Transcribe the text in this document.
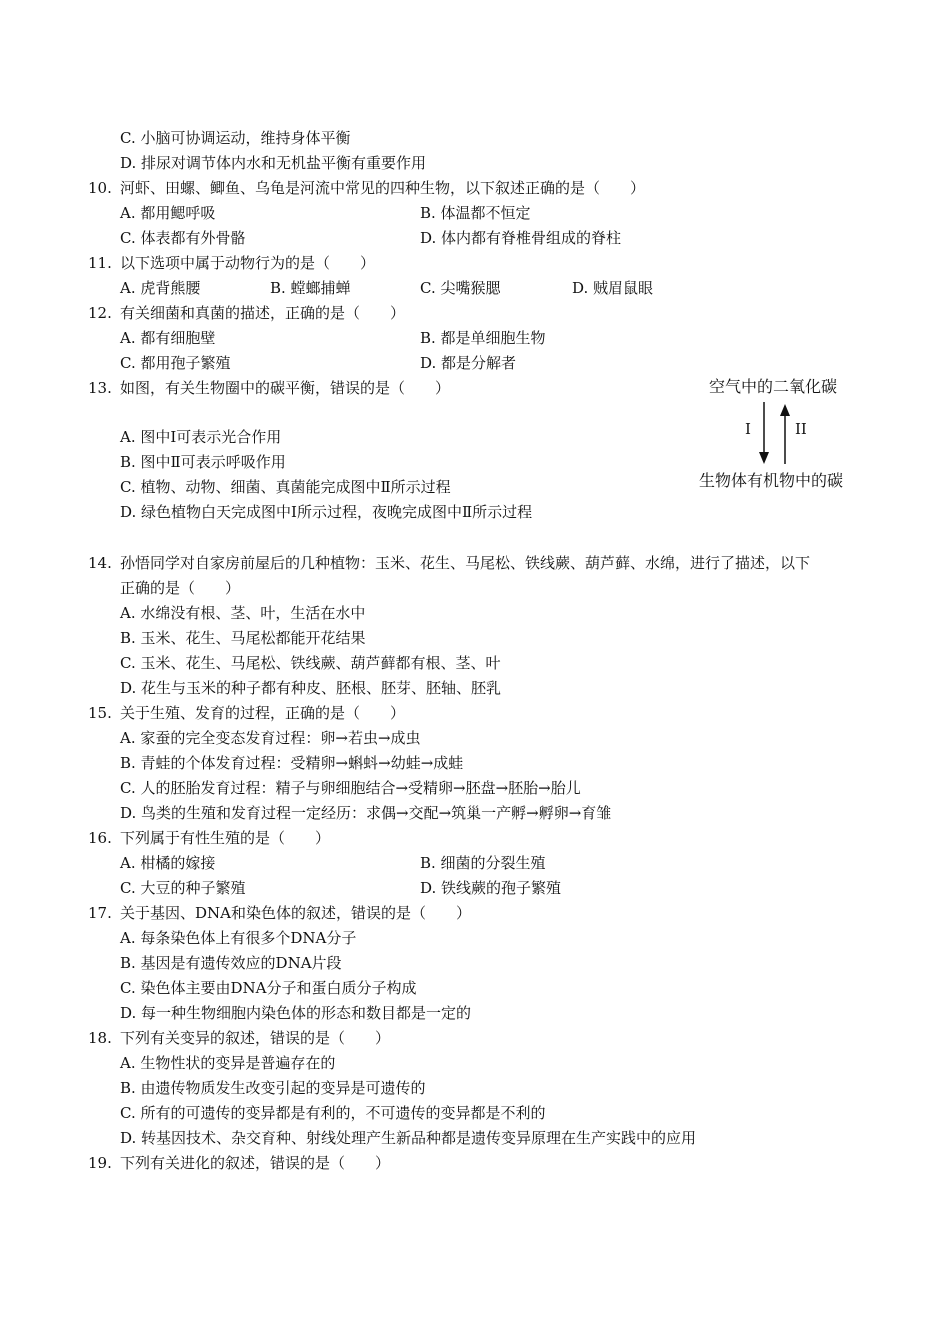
C. 小脑可协调运动，维持身体平衡
D. 排尿对调节体内水和无机盐平衡有重要作用
10. 河虾、田螺、鲫鱼、乌龟是河流中常见的四种生物，以下叙述正确的是（　　）
A. 都用鳃呼吸	B. 体温都不恒定
C. 体表都有外骨骼	D. 体内都有脊椎骨组成的脊柱
11. 以下选项中属于动物行为的是（　　）
A. 虎背熊腰	B. 螳螂捕蝉	C. 尖嘴猴腮	D. 贼眉鼠眼
12. 有关细菌和真菌的描述，正确的是（　　）
A. 都有细胞壁	B. 都是单细胞生物
C. 都用孢子繁殖	D. 都是分解者
13. 如图，有关生物圈中的碳平衡，错误的是（　　）
A. 图中Ⅰ可表示光合作用
B. 图中Ⅱ可表示呼吸作用
C. 植物、动物、细菌、真菌能完成图中Ⅱ所示过程
D. 绿色植物白天完成图中Ⅰ所示过程，夜晚完成图中Ⅱ所示过程
空气中的二氧化碳
I	II
生物体有机物中的碳
14. 孙悟同学对自家房前屋后的几种植物：玉米、花生、马尾松、铁线蕨、葫芦藓、水绵，进行了描述，以下
正确的是（　　）
A. 水绵没有根、茎、叶，生活在水中
B. 玉米、花生、马尾松都能开花结果
C. 玉米、花生、马尾松、铁线蕨、葫芦藓都有根、茎、叶
D. 花生与玉米的种子都有种皮、胚根、胚芽、胚轴、胚乳
15. 关于生殖、发育的过程，正确的是（　　）
A. 家蚕的完全变态发育过程：卵→若虫→成虫
B. 青蛙的个体发育过程：受精卵→蝌蚪→幼蛙→成蛙
C. 人的胚胎发育过程：精子与卵细胞结合→受精卵→胚盘→胚胎→胎儿
D. 鸟类的生殖和发育过程一定经历：求偶→交配→筑巢一产孵→孵卵→育雏
16. 下列属于有性生殖的是（　　）
A. 柑橘的嫁接	B. 细菌的分裂生殖
C. 大豆的种子繁殖	D. 铁线蕨的孢子繁殖
17. 关于基因、DNA和染色体的叙述，错误的是（　　）
A. 每条染色体上有很多个DNA分子
B. 基因是有遗传效应的DNA片段
C. 染色体主要由DNA分子和蛋白质分子构成
D. 每一种生物细胞内染色体的形态和数目都是一定的
18. 下列有关变异的叙述，错误的是（　　）
A. 生物性状的变异是普遍存在的
B. 由遗传物质发生改变引起的变异是可遗传的
C. 所有的可遗传的变异都是有利的，不可遗传的变异都是不利的
D. 转基因技术、杂交育种、射线处理产生新品种都是遗传变异原理在生产实践中的应用
19. 下列有关进化的叙述，错误的是（　　）
